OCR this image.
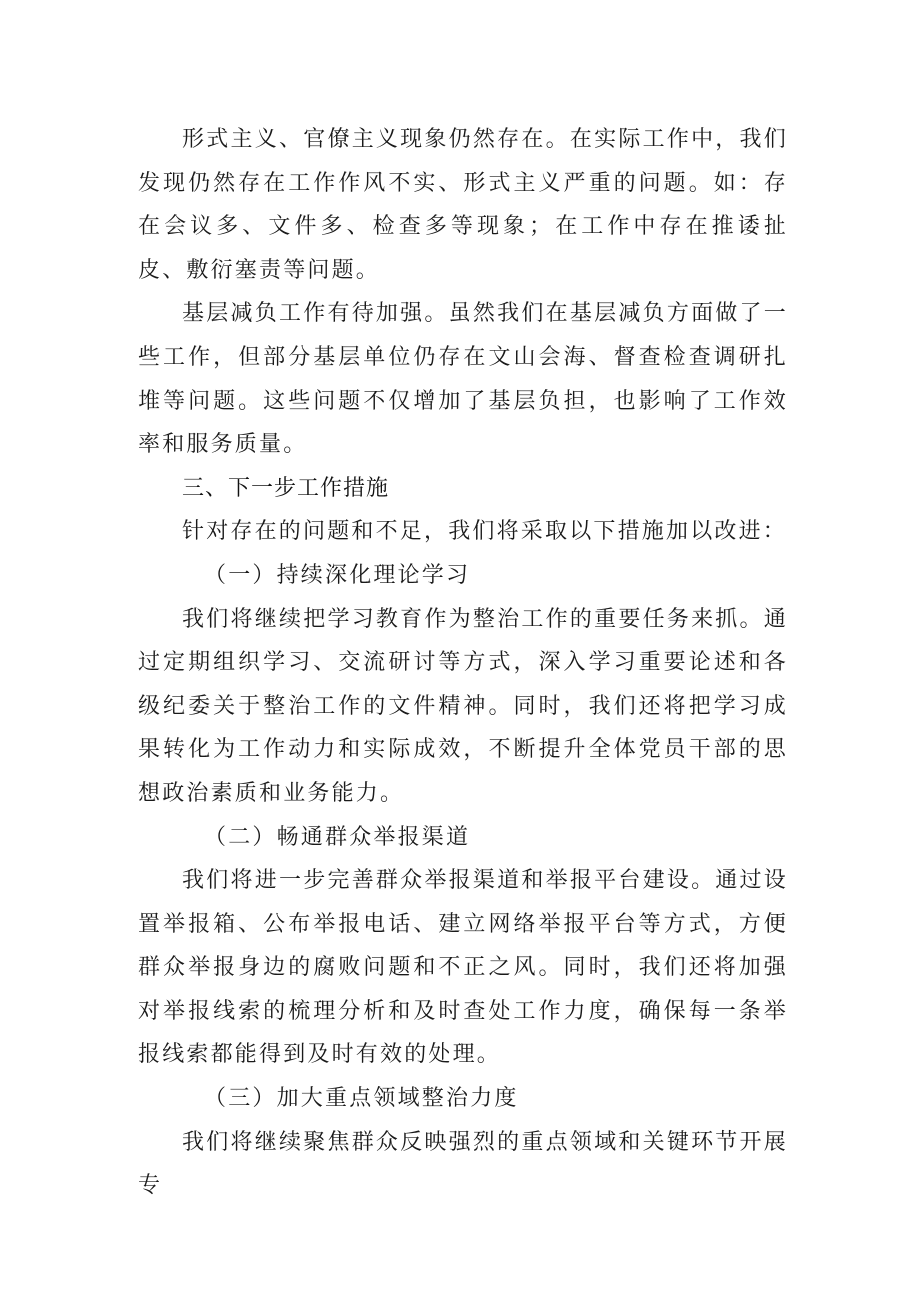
形式主义、官僚主义现象仍然存在。在实际工作中，我们发现仍然存在工作作风不实、形式主义严重的问题。如：存在会议多、文件多、检查多等现象；在工作中存在推诿扯皮、敷衍塞责等问题。

基层减负工作有待加强。虽然我们在基层减负方面做了一些工作，但部分基层单位仍存在文山会海、督查检查调研扎堆等问题。这些问题不仅增加了基层负担，也影响了工作效率和服务质量。

三、下一步工作措施

针对存在的问题和不足，我们将采取以下措施加以改进：

（一）持续深化理论学习

我们将继续把学习教育作为整治工作的重要任务来抓。通过定期组织学习、交流研讨等方式，深入学习重要论述和各级纪委关于整治工作的文件精神。同时，我们还将把学习成果转化为工作动力和实际成效，不断提升全体党员干部的思想政治素质和业务能力。

（二）畅通群众举报渠道

我们将进一步完善群众举报渠道和举报平台建设。通过设置举报箱、公布举报电话、建立网络举报平台等方式，方便群众举报身边的腐败问题和不正之风。同时，我们还将加强对举报线索的梳理分析和及时查处工作力度，确保每一条举报线索都能得到及时有效的处理。

（三）加大重点领域整治力度

我们将继续聚焦群众反映强烈的重点领域和关键环节开展专
